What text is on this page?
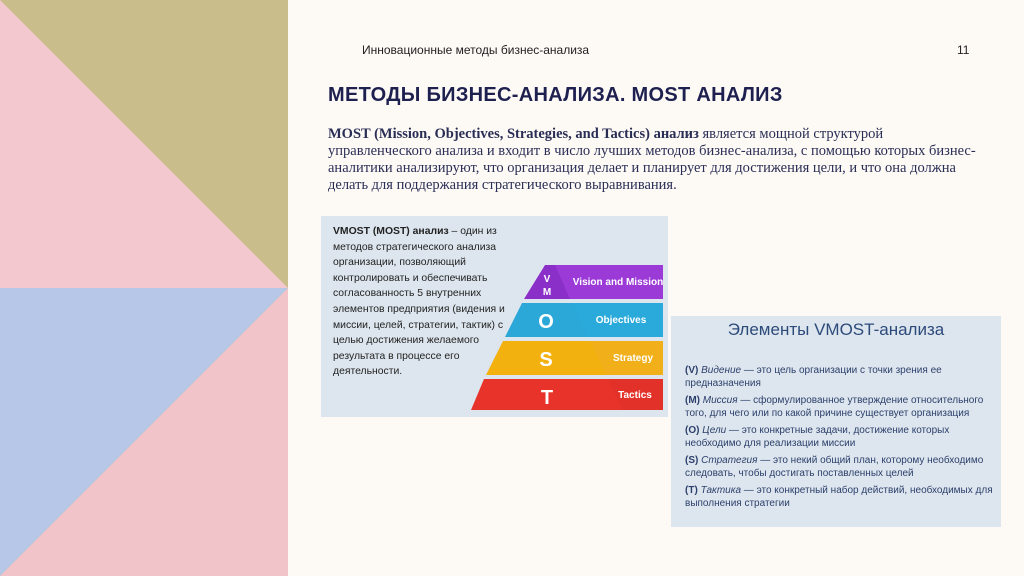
Инновационные методы бизнес-анализа	11
МЕТОДЫ БИЗНЕС-АНАЛИЗА. MOST АНАЛИЗ
MOST (Mission, Objectives, Strategies, and Tactics) анализ является мощной структурой управленческого анализа и входит в число лучших методов бизнес-анализа, с помощью которых бизнес-аналитики анализируют, что организация делает и планирует для достижения цели, и что она должна делать для поддержания стратегического выравнивания.
VMOST (MOST) анализ – один из методов стратегического анализа организации, позволяющий контролировать и обеспечивать согласованность 5 внутренних элементов предприятия (видения и миссии, целей, стратегии, тактик) с целью достижения желаемого результата в процессе его деятельности.
V
M
O
S
T
Vision and Mission
Objectives
Strategy
Tactics
Элементы VMOST-анализа
(V) Видение — это цель организации с точки зрения ее предназначения
(M) Миссия — сформулированное утверждение относительного того, для чего или по какой причине существует организация
(O) Цели — это конкретные задачи, достижение которых необходимо для реализации миссии
(S) Стратегия — это некий общий план, которому необходимо следовать, чтобы достигать поставленных целей
(T) Тактика — это конкретный набор действий, необходимых для выполнения стратегии
